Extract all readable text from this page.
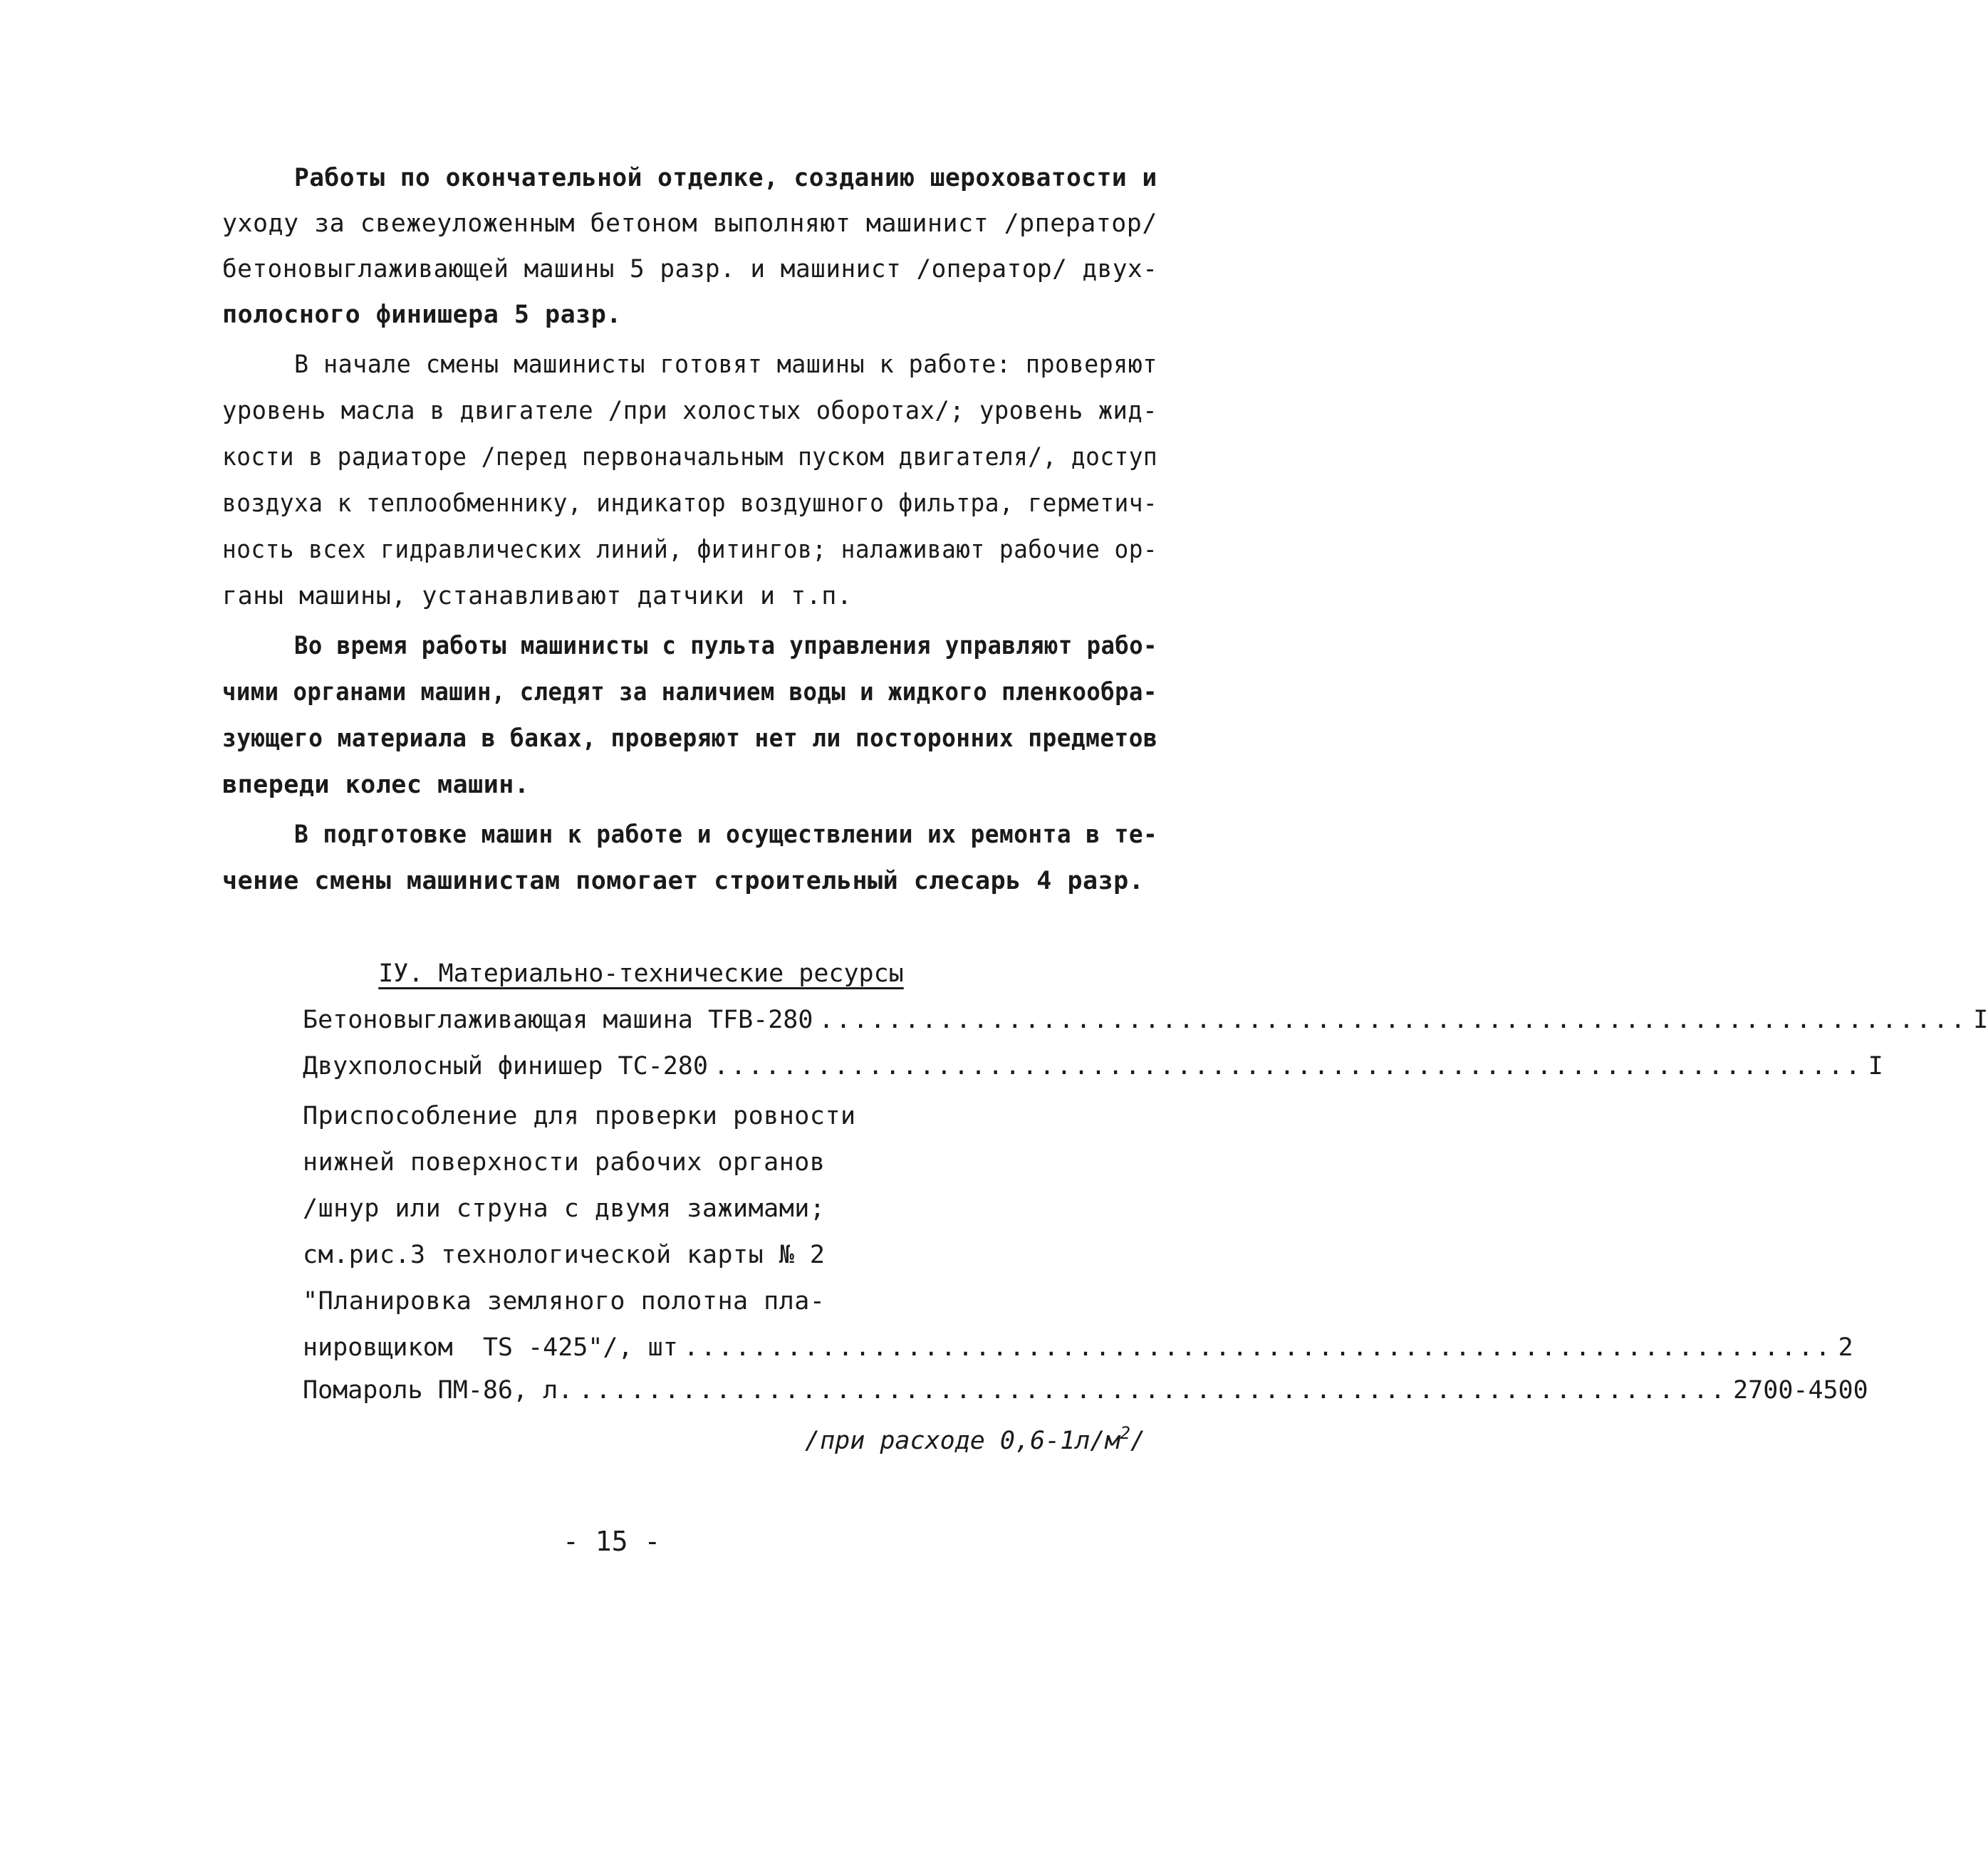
Работы по окончательной отделке, созданию шероховатости и
уходу за свежеуложенным бетоном выполняют машинист /рператор/
бетоновыглаживающей машины 5 разр. и машинист /оператор/ двух-
полосного финишера 5 разр.
В начале смены машинисты готовят машины к работе: проверяют
уровень масла в двигателе /при холостых оборотах/; уровень жид-
кости в радиаторе /перед первоначальным пуском двигателя/, доступ
воздуха к теплообменнику, индикатор воздушного фильтра, герметич-
ность всех гидравлических линий, фитингов; налаживают рабочие ор-
ганы машины, устанавливают датчики и т.п.
Во время работы машинисты с пульта управления управляют рабо-
чими органами машин, следят за наличием воды и жидкого пленкообра-
зующего материала в баках, проверяют нет ли посторонних предметов
впереди колес машин.
В подготовке машин к работе и осуществлении их ремонта в те-
чение смены машинистам помогает строительный слесарь 4 разр.
IУ. Материально-технические ресурсы
Бетоновыглаживающая машина TFB-280 ................................................................... I
Двухполосный финишер TC-280 ................................................................... I
Приспособление для проверки ровности
нижней поверхности рабочих органов
/шнур или струна с двумя зажимами;
см.рис.3 технологической карты № 2
"Планировка земляного полотна пла-
нировщиком  TS -425"/, шт ................................................................... 2
Помароль ПМ-86, л. ................................................................... 2700-4500
/при расходе $0,6-1л/м^2/$
- 15 -
